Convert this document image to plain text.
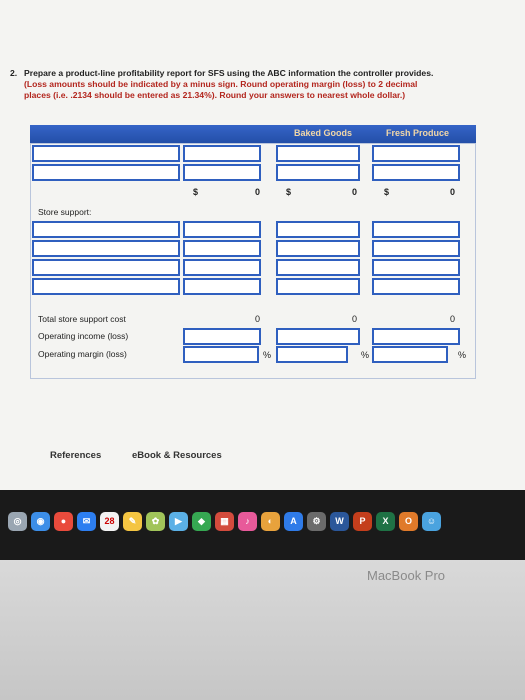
2. Prepare a product-line profitability report for SFS using the ABC information the controller provides.
(Loss amounts should be indicated by a minus sign. Round operating margin (loss) to 2 decimal
places (i.e. .2134 should be entered as 21.34%). Round your answers to nearest whole dollar.)
Baked Goods	Fresh Produce
$	0	$	0	$	0
Store support:
Total store support cost	0	0	0
Operating income (loss)
Operating margin (loss)	%	%	%
References	eBook & Resources
◎	◉	●	✉	28	✎	✿	▶	◆	▦	♪	◐	A	⚙	W	P	X	O	☺
MacBook Pro
